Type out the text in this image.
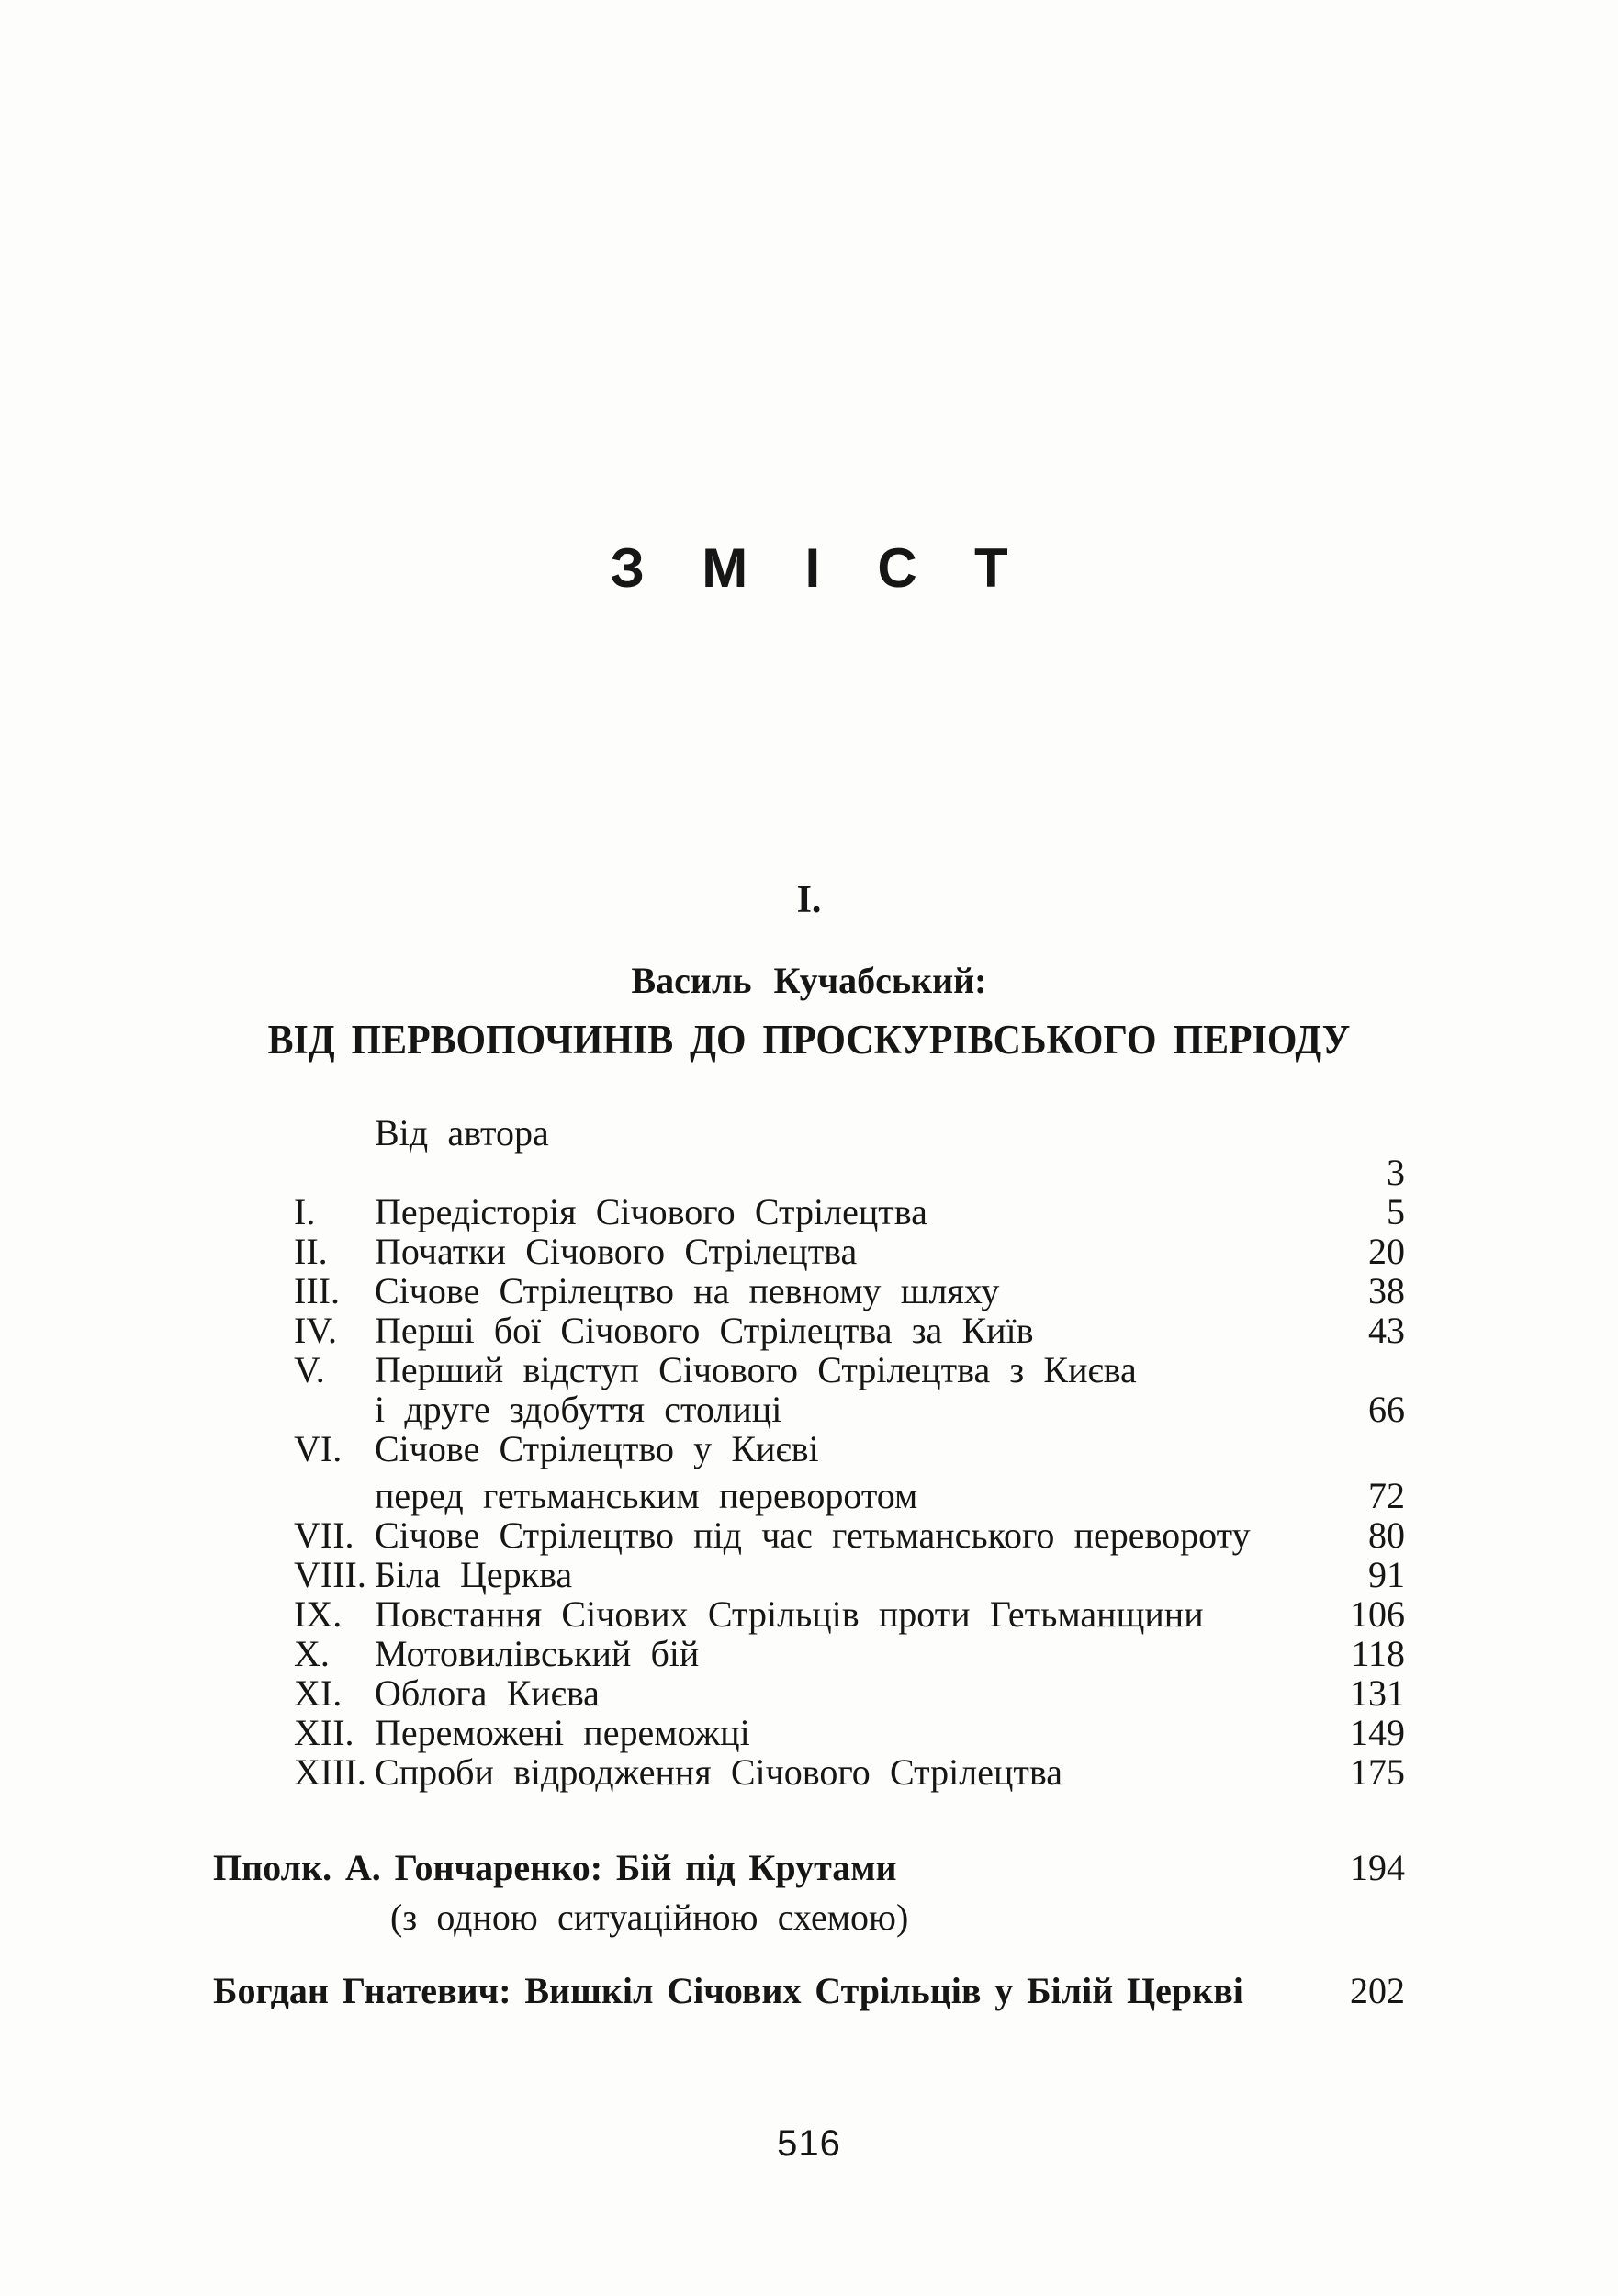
З М І С Т
І.
Василь Кучабський:
ВІД ПЕРВОПОЧИНІВ ДО ПРОСКУРІВСЬКОГО ПЕРІОДУ
Від автора
3
I.	Передісторія Січового Стрілецтва	5
II.	Початки Січового Стрілецтва	20
III. Січове Стрілецтво на певному шляху	38
IV.	Перші бої Січового Стрілецтва за Київ	43
V.	Перший відступ Січового Стрілецтва з Києва
і друге здобуття столиці	66
VI. Січове Стрілецтво у Києві
перед гетьманським переворотом	72
VII. Січове Стрілецтво під час гетьманського перевороту	80
VIII. Біла Церква	91
IX. Повстання Січових Стрільців проти Гетьманщини	106
X.	Мотовилівський бій	118
XI. Облога Києва	131
XII. Переможені переможці	149
XIII. Спроби відродження Січового Стрілецтва	175
Пполк. А. Гончаренко: Бій під Крутами	194
(з одною ситуаційною схемою)
Богдан Гнатевич: Вишкіл Січових Стрільців у Білій Церкві	202
516
